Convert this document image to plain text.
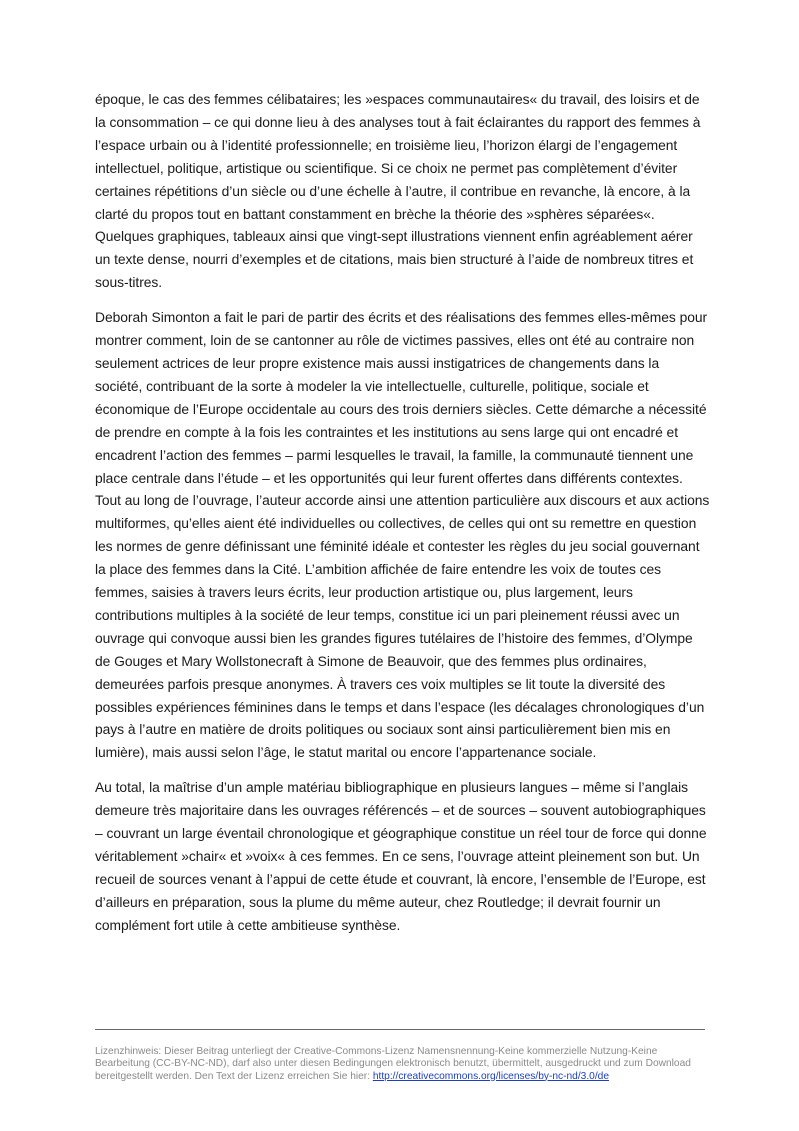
époque, le cas des femmes célibataires; les »espaces communautaires« du travail, des loisirs et de la consommation – ce qui donne lieu à des analyses tout à fait éclairantes du rapport des femmes à l’espace urbain ou à l’identité professionnelle; en troisième lieu, l’horizon élargi de l’engagement intellectuel, politique, artistique ou scientifique. Si ce choix ne permet pas complètement d’éviter certaines répétitions d’un siècle ou d’une échelle à l’autre, il contribue en revanche, là encore, à la clarté du propos tout en battant constamment en brèche la théorie des »sphères séparées«. Quelques graphiques, tableaux ainsi que vingt-sept illustrations viennent enfin agréablement aérer un texte dense, nourri d’exemples et de citations, mais bien structuré à l’aide de nombreux titres et sous-titres.

Deborah Simonton a fait le pari de partir des écrits et des réalisations des femmes elles-mêmes pour montrer comment, loin de se cantonner au rôle de victimes passives, elles ont été au contraire non seulement actrices de leur propre existence mais aussi instigatrices de changements dans la société, contribuant de la sorte à modeler la vie intellectuelle, culturelle, politique, sociale et économique de l’Europe occidentale au cours des trois derniers siècles. Cette démarche a nécessité de prendre en compte à la fois les contraintes et les institutions au sens large qui ont encadré et encadrent l’action des femmes – parmi lesquelles le travail, la famille, la communauté tiennent une place centrale dans l’étude – et les opportunités qui leur furent offertes dans différents contextes. Tout au long de l’ouvrage, l’auteur accorde ainsi une attention particulière aux discours et aux actions multiformes, qu’elles aient été individuelles ou collectives, de celles qui ont su remettre en question les normes de genre définissant une féminité idéale et contester les règles du jeu social gouvernant la place des femmes dans la Cité. L’ambition affichée de faire entendre les voix de toutes ces femmes, saisies à travers leurs écrits, leur production artistique ou, plus largement, leurs contributions multiples à la société de leur temps, constitue ici un pari pleinement réussi avec un ouvrage qui convoque aussi bien les grandes figures tutélaires de l’histoire des femmes, d’Olympe de Gouges et Mary Wollstonecraft à Simone de Beauvoir, que des femmes plus ordinaires, demeurées parfois presque anonymes. À travers ces voix multiples se lit toute la diversité des possibles expériences féminines dans le temps et dans l’espace (les décalages chronologiques d’un pays à l’autre en matière de droits politiques ou sociaux sont ainsi particulièrement bien mis en lumière), mais aussi selon l’âge, le statut marital ou encore l’appartenance sociale.

Au total, la maîtrise d’un ample matériau bibliographique en plusieurs langues – même si l’anglais demeure très majoritaire dans les ouvrages référencés – et de sources – souvent autobiographiques – couvrant un large éventail chronologique et géographique constitue un réel tour de force qui donne véritablement »chair« et »voix« à ces femmes. En ce sens, l’ouvrage atteint pleinement son but. Un recueil de sources venant à l’appui de cette étude et couvrant, là encore, l’ensemble de l’Europe, est d’ailleurs en préparation, sous la plume du même auteur, chez Routledge; il devrait fournir un complément fort utile à cette ambitieuse synthèse.

Lizenzhinweis: Dieser Beitrag unterliegt der Creative-Commons-Lizenz Namensnennung-Keine kommerzielle Nutzung-Keine Bearbeitung (CC-BY-NC-ND), darf also unter diesen Bedingungen elektronisch benutzt, übermittelt, ausgedruckt und zum Download bereitgestellt werden. Den Text der Lizenz erreichen Sie hier: http://creativecommons.org/licenses/by-nc-nd/3.0/de
